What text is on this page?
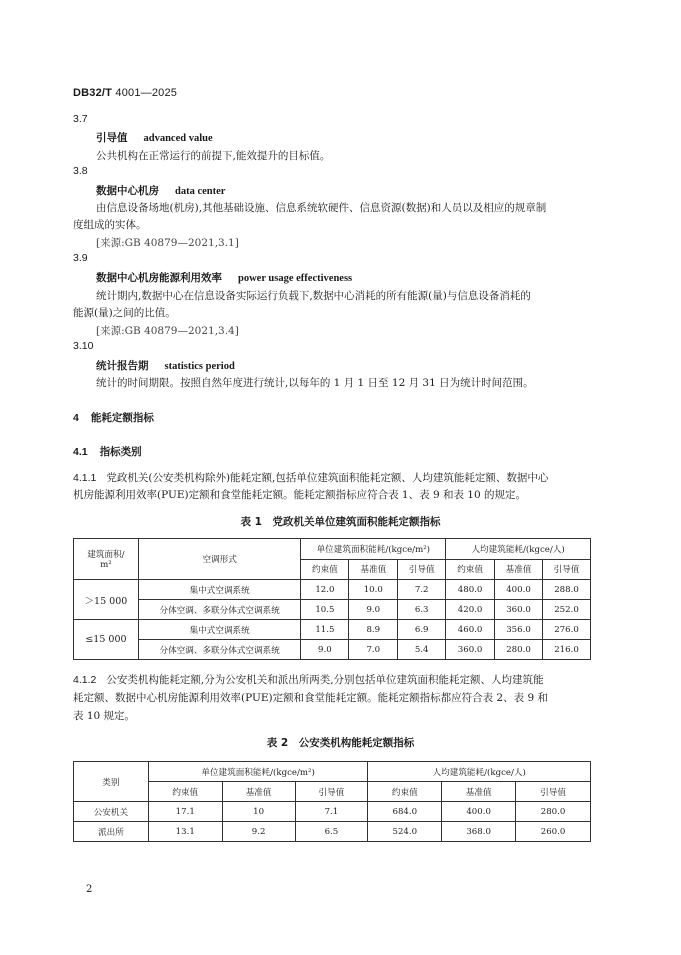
DB32/T 4001—2025
3.7
引导值 advanced value
公共机构在正常运行的前提下,能效提升的目标值。
3.8
数据中心机房 data center
由信息设备场地(机房),其他基础设施、信息系统软硬件、信息资源(数据)和人员以及相应的规章制
度组成的实体。
[来源:GB 40879—2021,3.1]
3.9
数据中心机房能源利用效率 power usage effectiveness
统计期内,数据中心在信息设备实际运行负载下,数据中心消耗的所有能源(量)与信息设备消耗的
能源(量)之间的比值。
[来源:GB 40879—2021,3.4]
3.10
统计报告期 statistics period
统计的时间期限。按照自然年度进行统计,以每年的 1 月 1 日至 12 月 31 日为统计时间范围。
4 能耗定额指标
4.1 指标类别
4.1.1 党政机关(公安类机构除外)能耗定额,包括单位建筑面积能耗定额、人均建筑能耗定额、数据中心
机房能源利用效率(PUE)定额和食堂能耗定额。能耗定额指标应符合表 1、表 9 和表 10 的规定。
表 1　党政机关单位建筑面积能耗定额指标
建筑面积/
m²	空调形式	单位建筑面积能耗/(kgce/m²)			人均建筑能耗/(kgce/人)		
		约束值	基准值	引导值	约束值	基准值	引导值
＞15 000	集中式空调系统	12.0	10.0	7.2	480.0	400.0	288.0
	分体空调、多联分体式空调系统	10.5	9.0	6.3	420.0	360.0	252.0
≤15 000	集中式空调系统	11.5	8.9	6.9	460.0	356.0	276.0
	分体空调、多联分体式空调系统	9.0	7.0	5.4	360.0	280.0	216.0
4.1.2 公安类机构能耗定额,分为公安机关和派出所两类,分别包括单位建筑面积能耗定额、人均建筑能
耗定额、数据中心机房能源利用效率(PUE)定额和食堂能耗定额。能耗定额指标都应符合表 2、表 9 和
表 10 规定。
表 2　公安类机构能耗定额指标
类别	单位建筑面积能耗/(kgce/m²)			人均建筑能耗/(kgce/人)		
	约束值	基准值	引导值	约束值	基准值	引导值
公安机关	17.1	10	7.1	684.0	400.0	280.0
派出所	13.1	9.2	6.5	524.0	368.0	260.0
2
